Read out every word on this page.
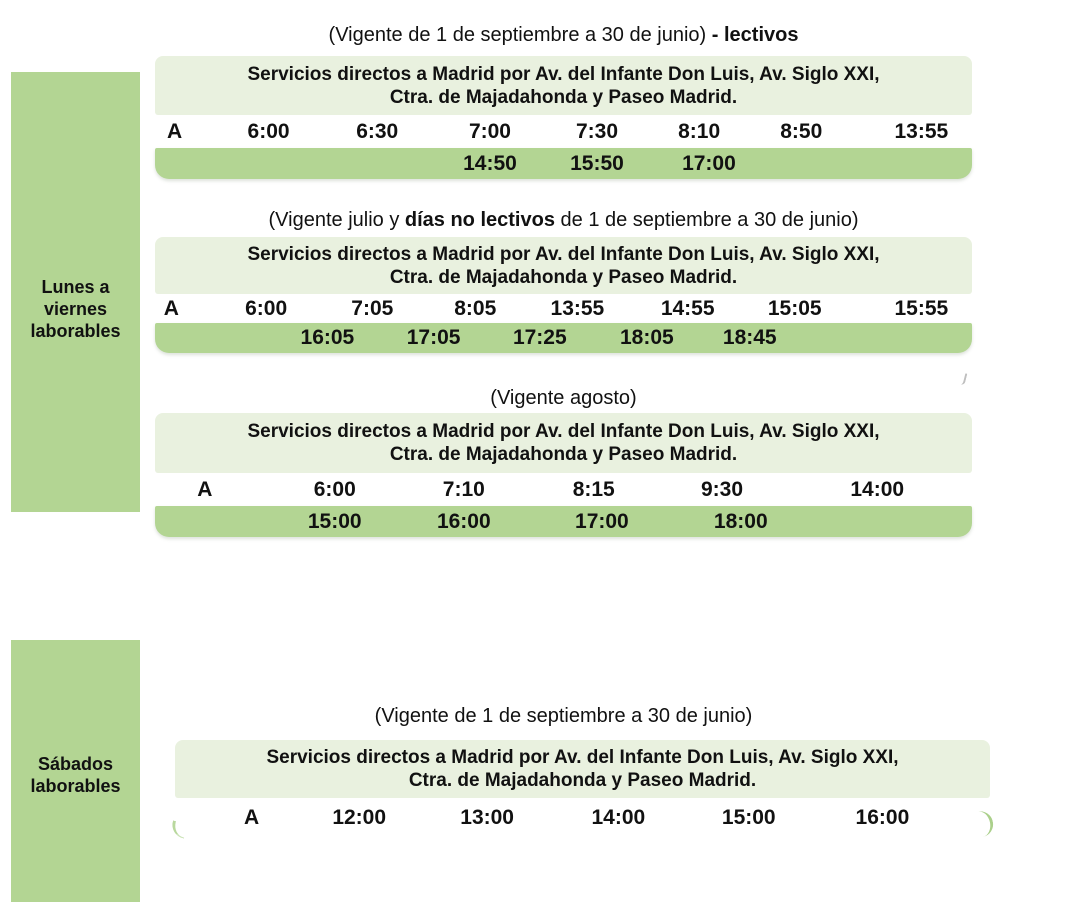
Lunes a
viernes
laborables
Sábados
laborables
(Vigente de 1 de septiembre a 30 de junio) - lectivos
Servicios directos a Madrid por Av. del Infante Don Luis, Av. Siglo XXI,
Ctra. de Majadahonda y Paseo Madrid.
A	6:00	6:30	7:00	7:30	8:10	8:50	13:55
14:50	15:50	17:00
(Vigente julio y días no lectivos de 1 de septiembre a 30 de junio)
Servicios directos a Madrid por Av. del Infante Don Luis, Av. Siglo XXI,
Ctra. de Majadahonda y Paseo Madrid.
A	6:00	7:05	8:05	13:55	14:55	15:05	15:55
16:05	17:05 17:25	18:05 18:45
(Vigente agosto)
Servicios directos a Madrid por Av. del Infante Don Luis, Av. Siglo XXI,
Ctra. de Majadahonda y Paseo Madrid.
A	6:00	7:10	8:15	9:30	14:00
15:00	16:00	17:00	18:00
(Vigente de 1 de septiembre a 30 de junio)
Servicios directos a Madrid por Av. del Infante Don Luis, Av. Siglo XXI,
Ctra. de Majadahonda y Paseo Madrid.
A	12:00	13:00	14:00	15:00	16:00
